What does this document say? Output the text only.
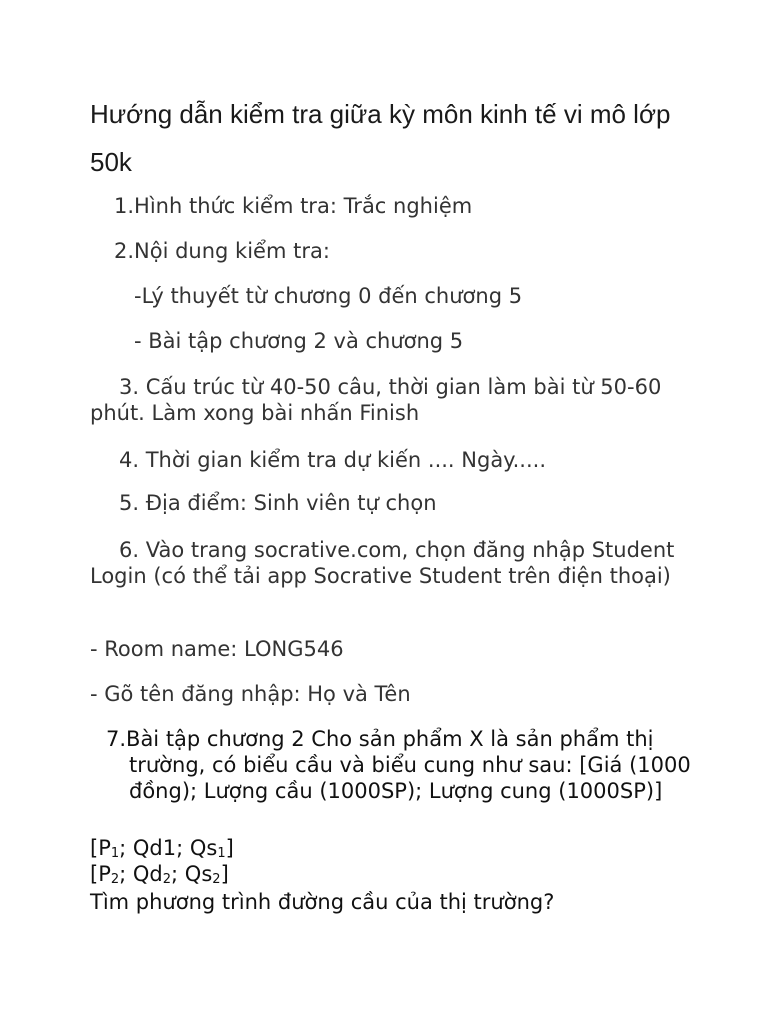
Hướng dẫn kiểm tra giữa kỳ môn kinh tế vi mô lớp 50k
1.Hình thức kiểm tra: Trắc nghiệm
2.Nội dung kiểm tra:
-Lý thuyết từ chương 0 đến chương 5
- Bài tập chương 2 và chương 5
3. Cấu trúc từ 40-50 câu, thời gian làm bài từ 50-60 phút. Làm xong bài nhấn Finish
4. Thời gian kiểm tra dự kiến .... Ngày.....
5. Địa điểm: Sinh viên tự chọn
6. Vào trang socrative.com, chọn đăng nhập Student Login (có thể tải app Socrative Student trên điện thoại)
- Room name: LONG546
- Gõ tên đăng nhập: Họ và Tên
7.Bài tập chương 2 Cho sản phẩm X là sản phẩm thị trường, có biểu cầu và biểu cung như sau: [Giá (1000 đồng); Lượng cầu (1000SP); Lượng cung (1000SP)]
[P1; Qd1; Qs1]
[P2; Qd2; Qs2]
Tìm phương trình đường cầu của thị trường?
